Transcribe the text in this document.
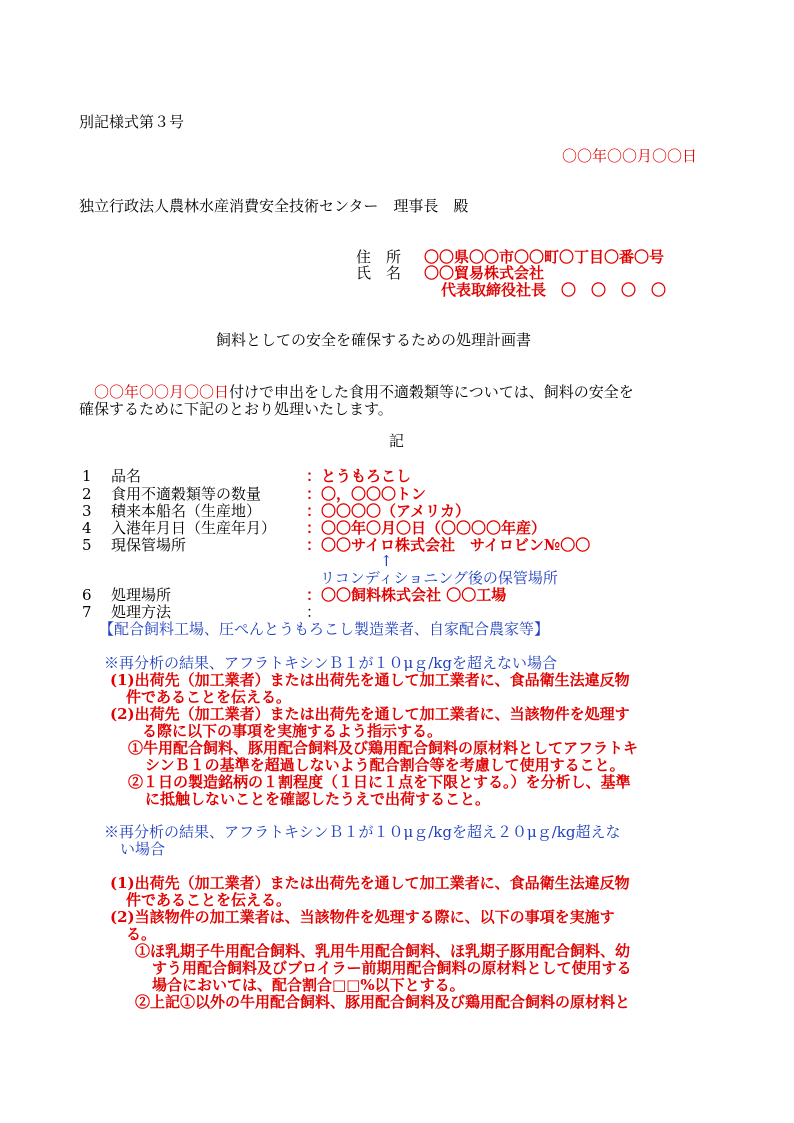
別記様式第３号
〇〇年〇〇月〇〇日
独立行政法人農林水産消費安全技術センター　理事長　殿
住　所 〇〇県〇〇市〇〇町〇丁目〇番〇号
氏　名 〇〇貿易株式会社
代表取締役社長　〇　〇　〇　〇
飼料としての安全を確保するための処理計画書
　〇〇年〇〇月〇〇日付けで申出をした食用不適穀類等については、飼料の安全を
確保するために下記のとおり処理いたします。
記
1 品名	：とうもろこし
2 食用不適穀類等の数量	：〇，〇〇〇トン
3 積来本船名（生産地）	：〇〇〇〇（アメリカ）
4 入港年月日（生産年月） ：〇〇年〇月〇日（〇〇〇〇年産）
5 現保管場所	：〇〇サイロ株式会社　サイロビン№〇〇
↑
リコンディショニング後の保管場所
6 処理場所	：〇〇飼料株式会社 〇〇工場
7 処理方法	：
【配合飼料工場、圧ぺんとうもろこし製造業者、自家配合農家等】
※再分析の結果、アフラトキシンＢ１が１０μｇ/kgを超えない場合
(1)出荷先（加工業者）または出荷先を通して加工業者に、食品衛生法違反物
件であることを伝える。
(2)出荷先（加工業者）または出荷先を通して加工業者に、当該物件を処理す
る際に以下の事項を実施するよう指示する。
①牛用配合飼料、豚用配合飼料及び鶏用配合飼料の原材料としてアフラトキ
シンＢ１の基準を超過しないよう配合割合等を考慮して使用すること。
②１日の製造銘柄の１割程度（１日に１点を下限とする。）を分析し、基準
に抵触しないことを確認したうえで出荷すること。
※再分析の結果、アフラトキシンＢ１が１０μｇ/kgを超え２０μｇ/kg超えな
い場合
(1)出荷先（加工業者）または出荷先を通して加工業者に、食品衛生法違反物
件であることを伝える。
(2)当該物件の加工業者は、当該物件を処理する際に、以下の事項を実施す
る。
①ほ乳期子牛用配合飼料、乳用牛用配合飼料、ほ乳期子豚用配合飼料、幼
すう用配合飼料及びブロイラー前期用配合飼料の原材料として使用する
場合においては、配合割合□□%以下とする。
②上記①以外の牛用配合飼料、豚用配合飼料及び鶏用配合飼料の原材料と
